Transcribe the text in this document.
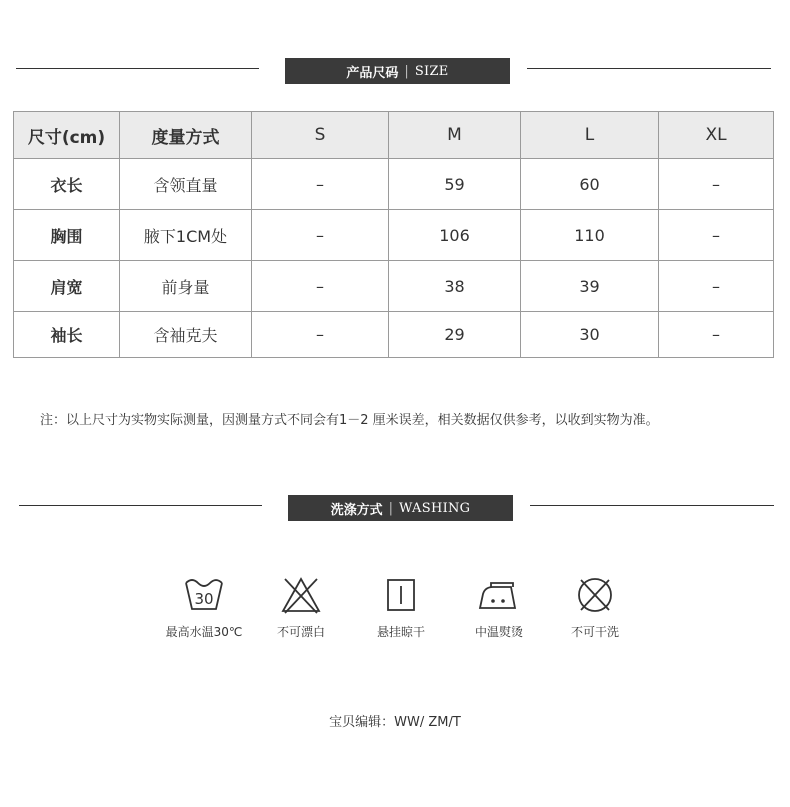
产品尺码 | SIZE
尺寸(cm)	度量方式	S	M	L	XL
衣长	含领直量	–	59	60	–
胸围	腋下1CM处	–	106	110	–
肩宽	前身量	–	38	39	–
袖长	含袖克夫	–	29	30	–
注：以上尺寸为实物实际测量，因测量方式不同会有1－2 厘米误差，相关数据仅供参考，以收到实物为准。
洗涤方式 | WASHING
30
最高水温30℃	不可漂白	悬挂晾干	中温熨烫	不可干洗
宝贝编辑：WW/ ZM/T
